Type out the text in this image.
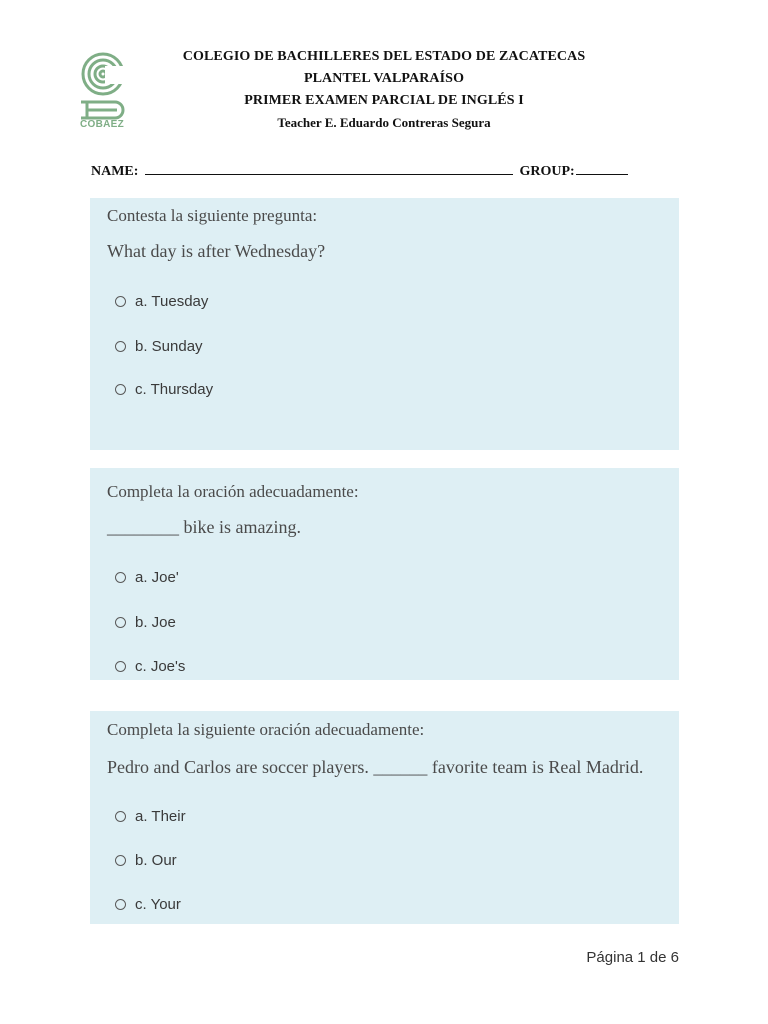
COBAEZ
COLEGIO DE BACHILLERES DEL ESTADO DE ZACATECAS
PLANTEL VALPARAÍSO
PRIMER EXAMEN PARCIAL DE INGLÉS I
Teacher E. Eduardo Contreras Segura
NAME:	GROUP:
Contesta la siguiente pregunta:
What day is after Wednesday?
a. Tuesday
b. Sunday
c. Thursday
Completa la oración adecuadamente:
________ bike is amazing.
a. Joe'
b. Joe
c. Joe's
Completa la siguiente oración adecuadamente:
Pedro and Carlos are soccer players. ______ favorite team is Real Madrid.
a. Their
b. Our
c. Your
Página 1 de 6
